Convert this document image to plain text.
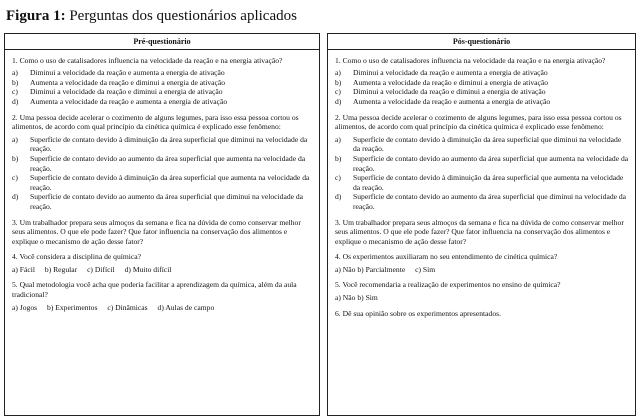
Figura 1: Perguntas dos questionários aplicados
Pré-questionário
1. Como o uso de catalisadores influencia na velocidade da reação e na energia ativação?
a)	Diminui a velocidade da reação e aumenta a energia de ativação
b)	Aumenta a velocidade da reação e diminui a energia de ativação
c)	Diminui a velocidade da reação e diminui a energia de ativação
d)	Aumenta a velocidade da reação e aumenta a energia de ativação
2. Uma pessoa decide acelerar o cozimento de alguns legumes, para isso essa pessoa cortou os alimentos, de acordo com qual princípio da cinética química é explicado esse fenômeno:
a)	Superfície de contato devido à diminuição da área superficial que diminui na velocidade da reação.
b)	Superfície de contato devido ao aumento da área superficial que aumenta na velocidade da reação.
c)	Superfície de contato devido à diminuição da área superficial que aumenta na velocidade da reação.
d)	Superfície de contato devido ao aumento da área superficial que diminui na velocidade da reação.
3. Um trabalhador prepara seus almoços da semana e fica na dúvida de como conservar melhor seus alimentos. O que ele pode fazer? Que fator influencia na conservação dos alimentos e explique o mecanismo de ação desse fator?
4. Você considera a disciplina de química?
a) Fácil b) Regular c) Difícil d) Muito difícil
5. Qual metodologia você acha que poderia facilitar a aprendizagem da química, além da aula tradicional?
a) Jogos b) Experimentos c) Dinâmicas d) Aulas de campo
Pós-questionário
1. Como o uso de catalisadores influencia na velocidade da reação e na energia ativação?
a)	Diminui a velocidade da reação e aumenta a energia de ativação
b)	Aumenta a velocidade da reação e diminui a energia de ativação
c)	Diminui a velocidade da reação e diminui a energia de ativação
d)	Aumenta a velocidade da reação e aumenta a energia de ativação
2. Uma pessoa decide acelerar o cozimento de alguns legumes, para isso essa pessoa cortou os alimentos, de acordo com qual princípio da cinética química é explicado esse fenômeno:
a)	Superfície de contato devido à diminuição da área superficial que diminui na velocidade da reação.
b)	Superfície de contato devido ao aumento da área superficial que aumenta na velocidade da reação.
c)	Superfície de contato devido à diminuição da área superficial que aumenta na velocidade da reação.
d)	Superfície de contato devido ao aumento da área superficial que diminui na velocidade da reação.
3. Um trabalhador prepara seus almoços da semana e fica na dúvida de como conservar melhor seus alimentos. O que ele pode fazer? Que fator influencia na conservação dos alimentos e explique o mecanismo de ação desse fator?
4. Os experimentos auxiliaram no seu entendimento de cinética química?
a) Não b) Parcialmente c) Sim
5. Você recomendaria a realização de experimentos no ensino de química?
a) Não b) Sim
6. Dê sua opinião sobre os experimentos apresentados.
